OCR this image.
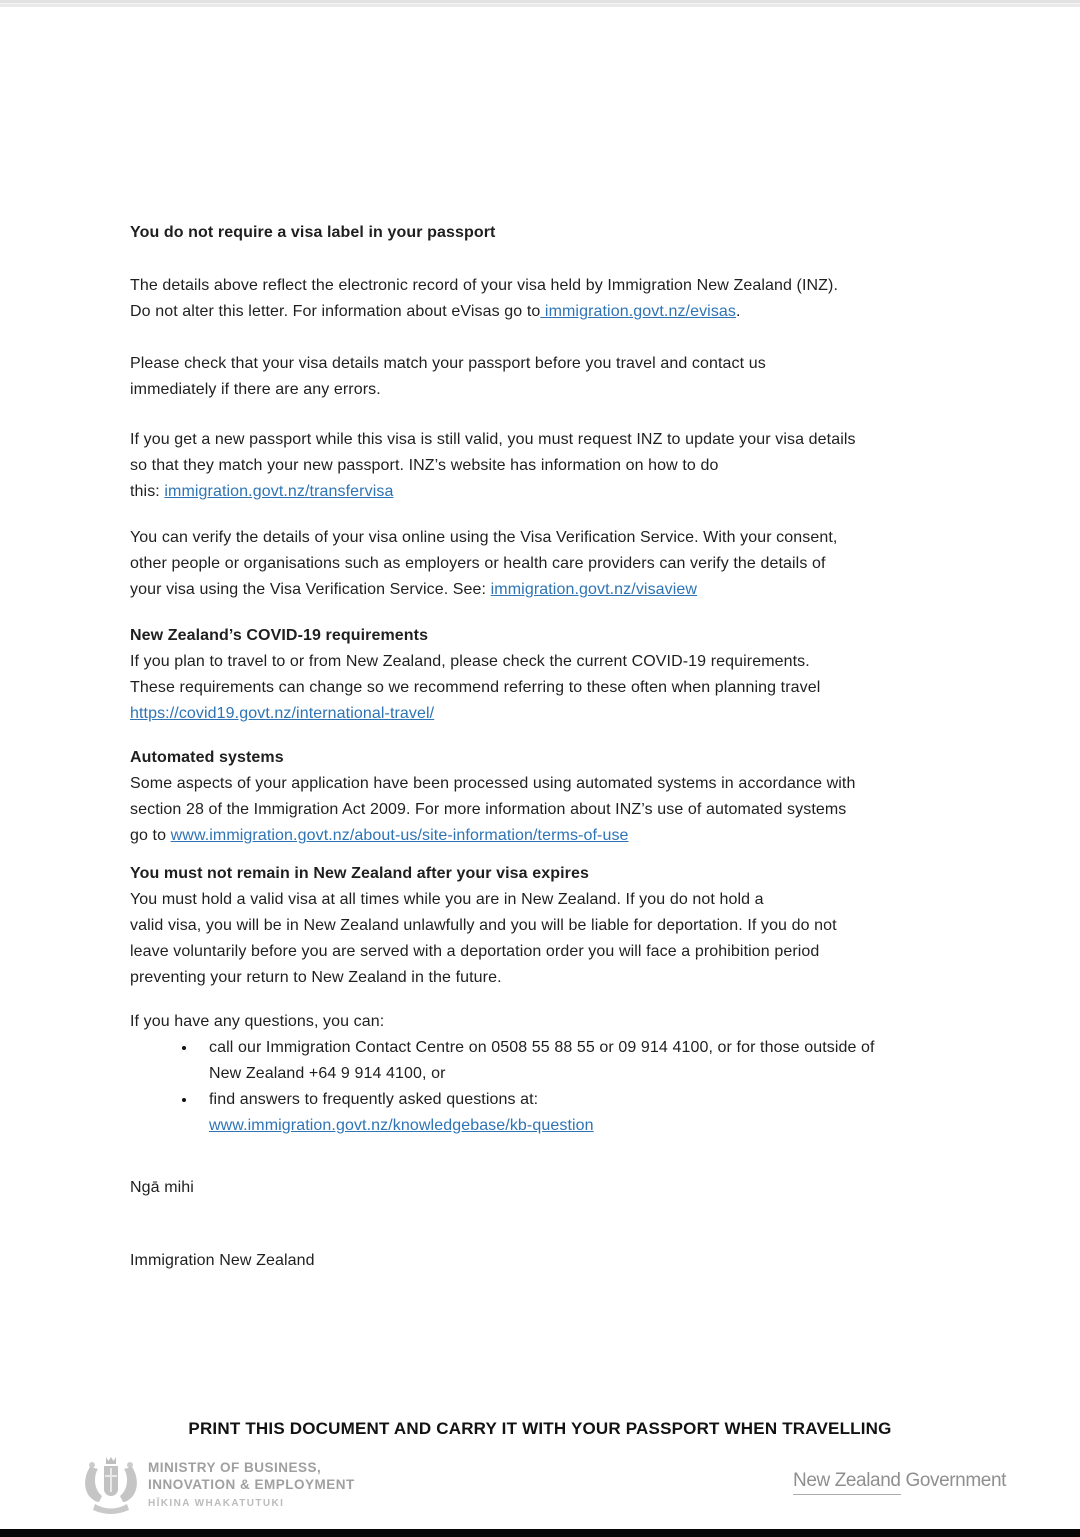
You do not require a visa label in your passport

The details above reflect the electronic record of your visa held by Immigration New Zealand (INZ).
Do not alter this letter. For information about eVisas go to immigration.govt.nz/evisas.

Please check that your visa details match your passport before you travel and contact us
immediately if there are any errors.

If you get a new passport while this visa is still valid, you must request INZ to update your visa details
so that they match your new passport. INZ’s website has information on how to do
this: immigration.govt.nz/transfervisa

You can verify the details of your visa online using the Visa Verification Service. With your consent,
other people or organisations such as employers or health care providers can verify the details of
your visa using the Visa Verification Service. See: immigration.govt.nz/visaview

New Zealand’s COVID-19 requirements

If you plan to travel to or from New Zealand, please check the current COVID-19 requirements.
These requirements can change so we recommend referring to these often when planning travel
https://covid19.govt.nz/international-travel/

Automated systems

Some aspects of your application have been processed using automated systems in accordance with
section 28 of the Immigration Act 2009. For more information about INZ’s use of automated systems
go to www.immigration.govt.nz/about-us/site-information/terms-of-use

You must not remain in New Zealand after your visa expires

You must hold a valid visa at all times while you are in New Zealand. If you do not hold a
valid visa, you will be in New Zealand unlawfully and you will be liable for deportation. If you do not
leave voluntarily before you are served with a deportation order you will face a prohibition period
preventing your return to New Zealand in the future.

If you have any questions, you can:

• call our Immigration Contact Centre on 0508 55 88 55 or 09 914 4100, or for those outside of
New Zealand +64 9 914 4100, or
• find answers to frequently asked questions at:
www.immigration.govt.nz/knowledgebase/kb-question

Ngā mihi

Immigration New Zealand

PRINT THIS DOCUMENT AND CARRY IT WITH YOUR PASSPORT WHEN TRAVELLING
MINISTRY OF BUSINESS,
INNOVATION & EMPLOYMENT
HĪKINA WHAKATUTUKI
New Zealand Government
